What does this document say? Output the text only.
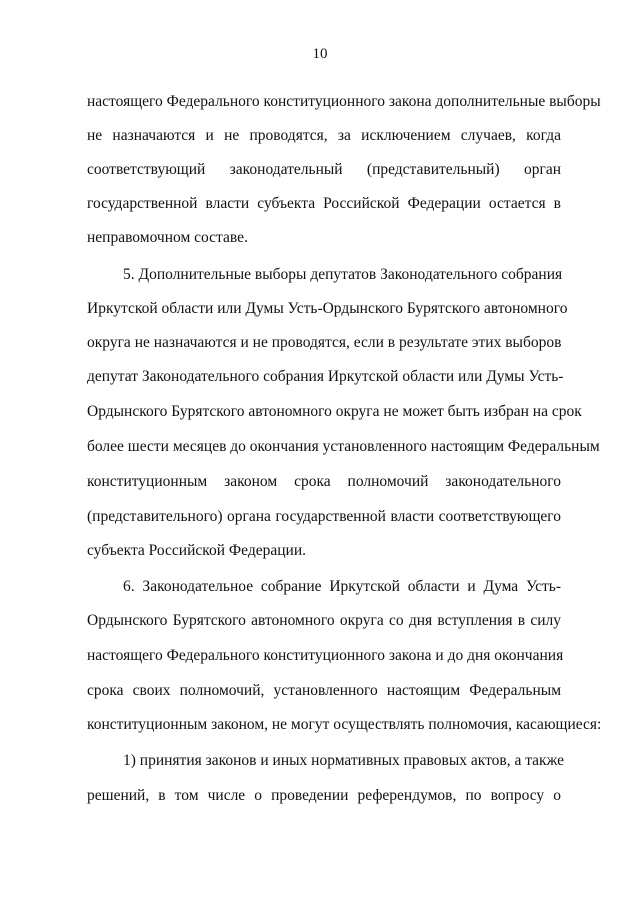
10
настоящего Федерального конституционного закона дополнительные выборы
не назначаются и не проводятся, за исключением случаев, когда
соответствующий законодательный (представительный) орган
государственной власти субъекта Российской Федерации остается в
неправомочном составе.
5. Дополнительные выборы депутатов Законодательного собрания
Иркутской области или Думы Усть-Ордынского Бурятского автономного
округа не назначаются и не проводятся, если в результате этих выборов
депутат Законодательного собрания Иркутской области или Думы Усть-
Ордынского Бурятского автономного округа не может быть избран на срок
более шести месяцев до окончания установленного настоящим Федеральным
конституционным законом срока полномочий законодательного
(представительного) органа государственной власти соответствующего
субъекта Российской Федерации.
6. Законодательное собрание Иркутской области и Дума Усть-
Ордынского Бурятского автономного округа со дня вступления в силу
настоящего Федерального конституционного закона и до дня окончания
срока своих полномочий, установленного настоящим Федеральным
конституционным законом, не могут осуществлять полномочия, касающиеся:
1) принятия законов и иных нормативных правовых актов, а также
решений, в том числе о проведении референдумов, по вопросу о
